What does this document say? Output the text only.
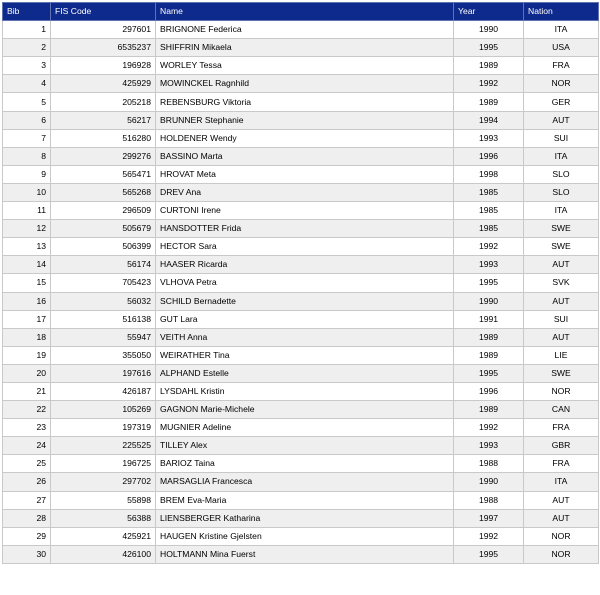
Bib	FIS Code	Name	Year	Nation
1	297601	BRIGNONE Federica	1990	ITA
2	6535237	SHIFFRIN Mikaela	1995	USA
3	196928	WORLEY Tessa	1989	FRA
4	425929	MOWINCKEL Ragnhild	1992	NOR
5	205218	REBENSBURG Viktoria	1989	GER
6	56217	BRUNNER Stephanie	1994	AUT
7	516280	HOLDENER Wendy	1993	SUI
8	299276	BASSINO Marta	1996	ITA
9	565471	HROVAT Meta	1998	SLO
10	565268	DREV Ana	1985	SLO
11	296509	CURTONI Irene	1985	ITA
12	505679	HANSDOTTER Frida	1985	SWE
13	506399	HECTOR Sara	1992	SWE
14	56174	HAASER Ricarda	1993	AUT
15	705423	VLHOVA Petra	1995	SVK
16	56032	SCHILD Bernadette	1990	AUT
17	516138	GUT Lara	1991	SUI
18	55947	VEITH Anna	1989	AUT
19	355050	WEIRATHER Tina	1989	LIE
20	197616	ALPHAND Estelle	1995	SWE
21	426187	LYSDAHL Kristin	1996	NOR
22	105269	GAGNON Marie-Michele	1989	CAN
23	197319	MUGNIER Adeline	1992	FRA
24	225525	TILLEY Alex	1993	GBR
25	196725	BARIOZ Taina	1988	FRA
26	297702	MARSAGLIA Francesca	1990	ITA
27	55898	BREM Eva-Maria	1988	AUT
28	56388	LIENSBERGER Katharina	1997	AUT
29	425921	HAUGEN Kristine Gjelsten	1992	NOR
30	426100	HOLTMANN Mina Fuerst	1995	NOR
